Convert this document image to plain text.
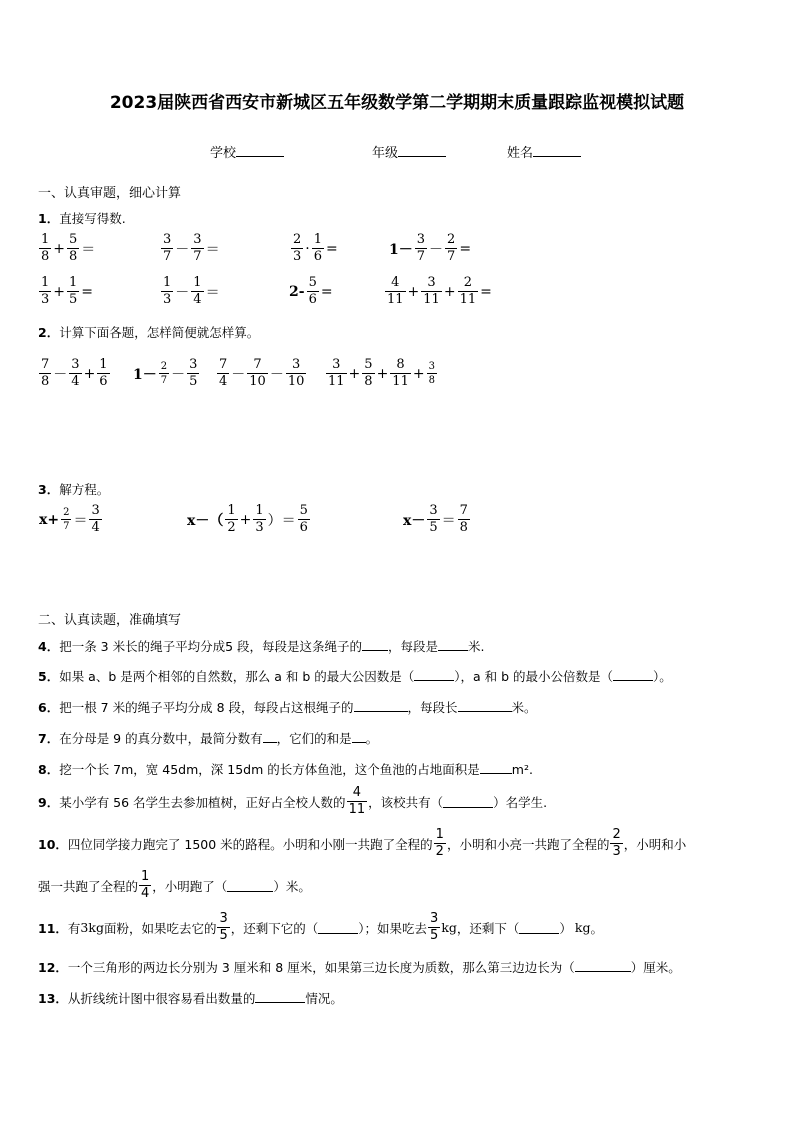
2023届陕西省西安市新城区五年级数学第二学期期末质量跟踪监视模拟试题
学校	年级	姓名
一、认真审题，细心计算
1．直接写得数.
$\frac{1}{8} + \frac{5}{8}$ ＝	$\frac{3}{7} - \frac{3}{7}$ ＝	$\frac{2}{3} \cdot \frac{1}{6}$ =	$1- \frac{3}{7} - \frac{2}{7}$ =
$\frac{1}{3} + \frac{1}{5}$ =	$\frac{1}{3} - \frac{1}{4}$ ＝	$2- \frac{5}{6}$ =	$\frac{4}{11} + \frac{3}{11} + \frac{2}{11}$ =
2．计算下面各题，怎样简便就怎样算。
$\frac{7}{8} - \frac{3}{4} + \frac{1}{6} 1- \frac{2}{7} - \frac{3}{5} \frac{7}{4} - \frac{7}{10} - \frac{3}{10} \frac{3}{11} + \frac{5}{8} + \frac{8}{11} + \frac{3}{8}$
3．解方程。
$x+ \frac{2}{7} = \frac{3}{4}$	$x-( \frac{1}{2} + \frac{1}{3}$ ）＝ $\frac{5}{6}$	$x- \frac{3}{5} = \frac{7}{8}$
二、认真读题，准确填写
4．把一条 3 米长的绳子平均分成5 段，每段是这条绳子的 ，每段是 米.
5．如果 a、b 是两个相邻的自然数，那么 a 和 b 的最大公因数是（	），a 和 b 的最小公倍数是（	）。
6．把一根 7 米的绳子平均分成 8 段，每段占这根绳子的	，每段长	米。
7．在分母是 9 的真分数中，最简分数有 ，它们的和是 。
8．挖一个长 7m，宽 45dm，深 15dm 的长方体鱼池，这个鱼池的占地面积是	m².
9． 某小学有 56 名学生去参加植树，正好占全校人数的 $\frac{4}{11}$ ，该校共有（	）名学生.
10． 四位同学接力跑完了 1500 米的路程。小明和小刚一共跑了全程的 $\frac{1}{2}$ ，小明和小亮一共跑了全程的 $\frac{2}{3}$ ，小明和小
强一共跑了全程的 $\frac{1}{4}$ ，小明跑了（	）米。
11． 有 3kg 面粉，如果吃去它的 $\frac{3}{5}$ ，还剩下它的（	）；如果吃去 $\frac{3}{5}$ kg ，还剩下（	） kg 。
12．一个三角形的两边长分别为 3 厘米和 8 厘米，如果第三边长度为质数，那么第三边边长为（	）厘米。
13．从折线统计图中很容易看出数量的	情况。
